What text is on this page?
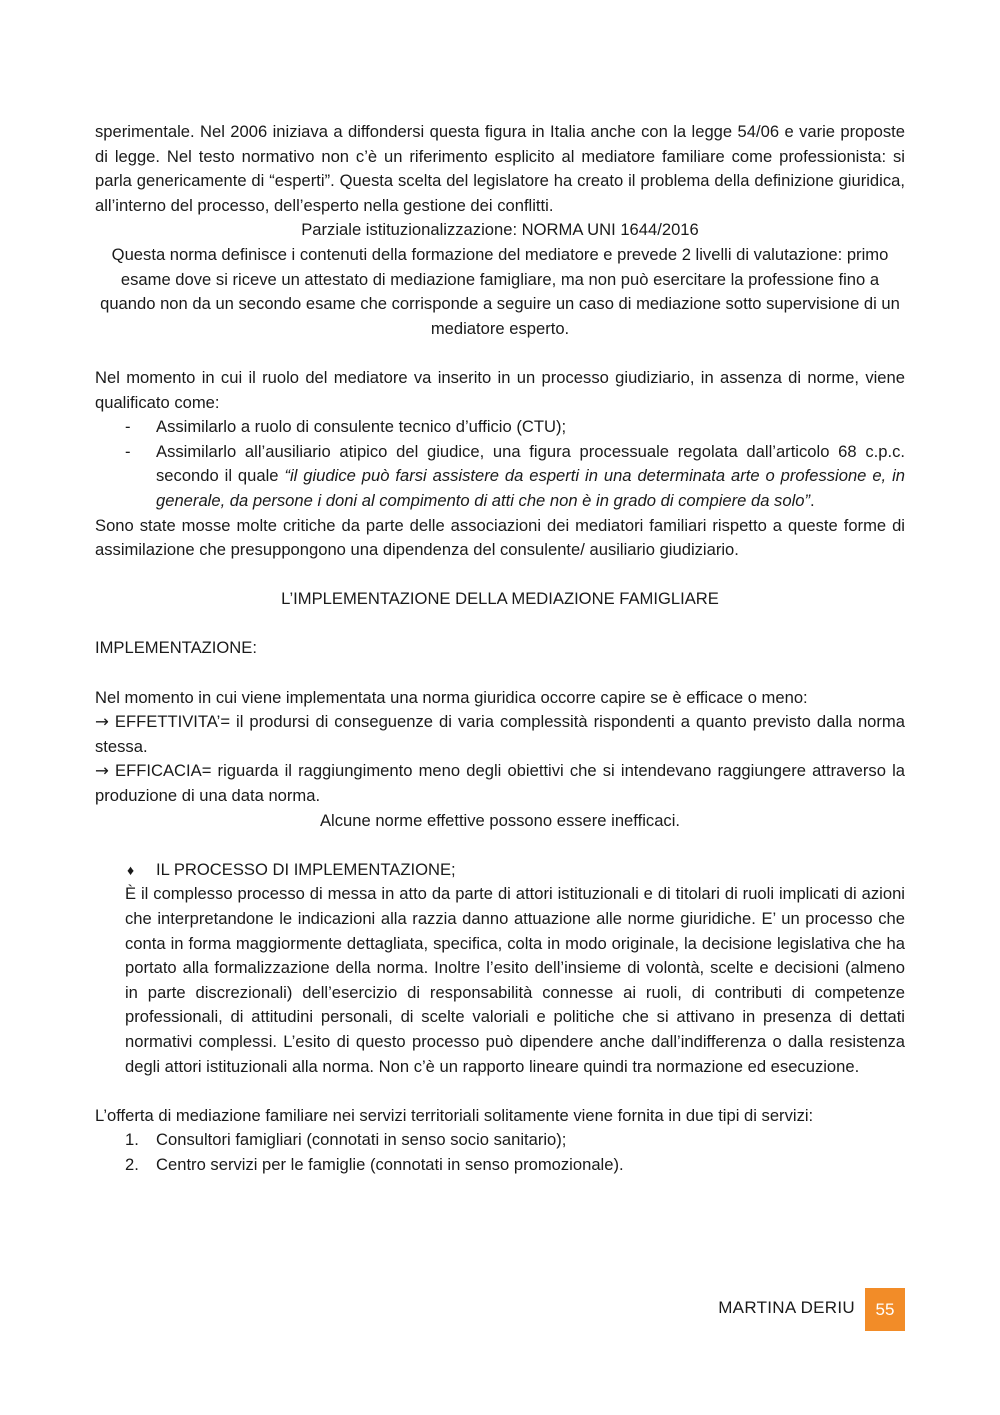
sperimentale. Nel 2006 iniziava a diffondersi questa figura in Italia anche con la legge 54/06 e varie proposte di legge. Nel testo normativo non c’è un riferimento esplicito al mediatore familiare come professionista: si parla genericamente di “esperti”. Questa scelta del legislatore ha creato il problema della definizione giuridica, all’interno del processo, dell’esperto nella gestione dei conflitti.

Parziale istituzionalizzazione: NORMA UNI 1644/2016

Questa norma definisce i contenuti della formazione del mediatore e prevede 2 livelli di valutazione: primo esame dove si riceve un attestato di mediazione famigliare, ma non può esercitare la professione fino a quando non da un secondo esame che corrisponde a seguire un caso di mediazione sotto supervisione di un mediatore esperto.

Nel momento in cui il ruolo del mediatore va inserito in un processo giudiziario, in assenza di norme, viene qualificato come:

- Assimilarlo a ruolo di consulente tecnico d’ufficio (CTU);
- Assimilarlo all’ausiliario atipico del giudice, una figura processuale regolata dall’articolo 68 c.p.c. secondo il quale “il giudice può farsi assistere da esperti in una determinata arte o professione e, in generale, da persone i doni al compimento di atti che non è in grado di compiere da solo”.

Sono state mosse molte critiche da parte delle associazioni dei mediatori familiari rispetto a queste forme di assimilazione che presuppongono una dipendenza del consulente/ ausiliario giudiziario.

L’IMPLEMENTAZIONE DELLA MEDIAZIONE FAMIGLIARE

IMPLEMENTAZIONE:

Nel momento in cui viene implementata una norma giuridica occorre capire se è efficace o meno:

→ EFFETTIVITA’= il prodursi di conseguenze di varia complessità rispondenti a quanto previsto dalla norma stessa.

→ EFFICACIA= riguarda il raggiungimento meno degli obiettivi che si intendevano raggiungere attraverso la produzione di una data norma.

Alcune norme effettive possono essere inefficaci.

♦ IL PROCESSO DI IMPLEMENTAZIONE;

È il complesso processo di messa in atto da parte di attori istituzionali e di titolari di ruoli implicati di azioni che interpretandone le indicazioni alla razzia danno attuazione alle norme giuridiche. E’ un processo che conta in forma maggiormente dettagliata, specifica, colta in modo originale, la decisione legislativa che ha portato alla formalizzazione della norma. Inoltre l’esito dell’insieme di volontà, scelte e decisioni (almeno in parte discrezionali) dell’esercizio di responsabilità connesse ai ruoli, di contributi di competenze professionali, di attitudini personali, di scelte valoriali e politiche che si attivano in presenza di dettati normativi complessi. L’esito di questo processo può dipendere anche dall’indifferenza o dalla resistenza degli attori istituzionali alla norma. Non c’è un rapporto lineare quindi tra normazione ed esecuzione.

L’offerta di mediazione familiare nei servizi territoriali solitamente viene fornita in due tipi di servizi:

1. Consultori famigliari (connotati in senso socio sanitario);
2. Centro servizi per le famiglie (connotati in senso promozionale).
MARTINA DERIU	55
